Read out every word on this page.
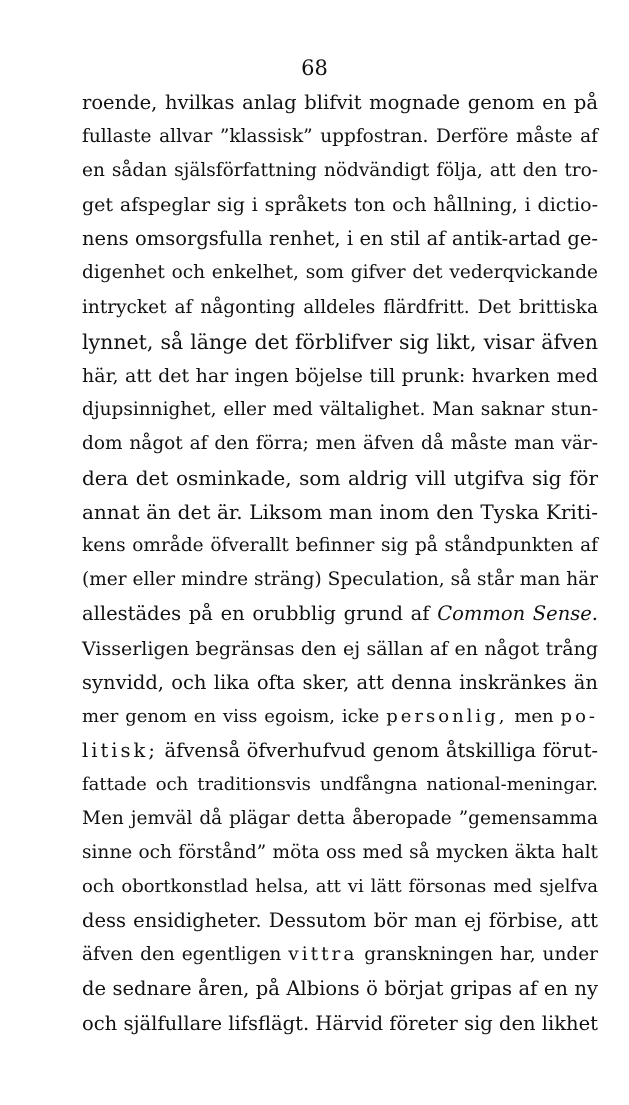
68
roende, hvilkas anlag blifvit mognade genom en på
fullaste allvar ”klassisk” uppfostran. Derföre måste af
en sådan själsförfattning nödvändigt följa, att den tro-
get afspeglar sig i språkets ton och hållning, i dictio-
nens omsorgsfulla renhet, i en stil af antik-artad ge-
digenhet och enkelhet, som gifver det vederqvickande
intrycket af någonting alldeles flärdfritt. Det brittiska
lynnet, så länge det förblifver sig likt, visar äfven
här, att det har ingen böjelse till prunk: hvarken med
djupsinnighet, eller med vältalighet. Man saknar stun-
dom något af den förra; men äfven då måste man vär-
dera det osminkade, som aldrig vill utgifva sig för
annat än det är. Liksom man inom den Tyska Kriti-
kens område öfverallt befinner sig på ståndpunkten af
(mer eller mindre sträng) Speculation, så står man här
allestädes på en orubblig grund af Common Sense.
Visserligen begränsas den ej sällan af en något trång
synvidd, och lika ofta sker, att denna inskränkes än
mer genom en viss egoism, icke personlig, men po-
litisk; äfvenså öfverhufvud genom åtskilliga förut-
fattade och traditionsvis undfångna national-meningar.
Men jemväl då plägar detta åberopade ”gemensamma
sinne och förstånd” möta oss med så mycken äkta halt
och obortkonstlad helsa, att vi lätt försonas med sjelfva
dess ensidigheter. Dessutom bör man ej förbise, att
äfven den egentligen vittra granskningen har, under
de sednare åren, på Albions ö börjat gripas af en ny
och själfullare lifsflägt. Härvid företer sig den likhet
